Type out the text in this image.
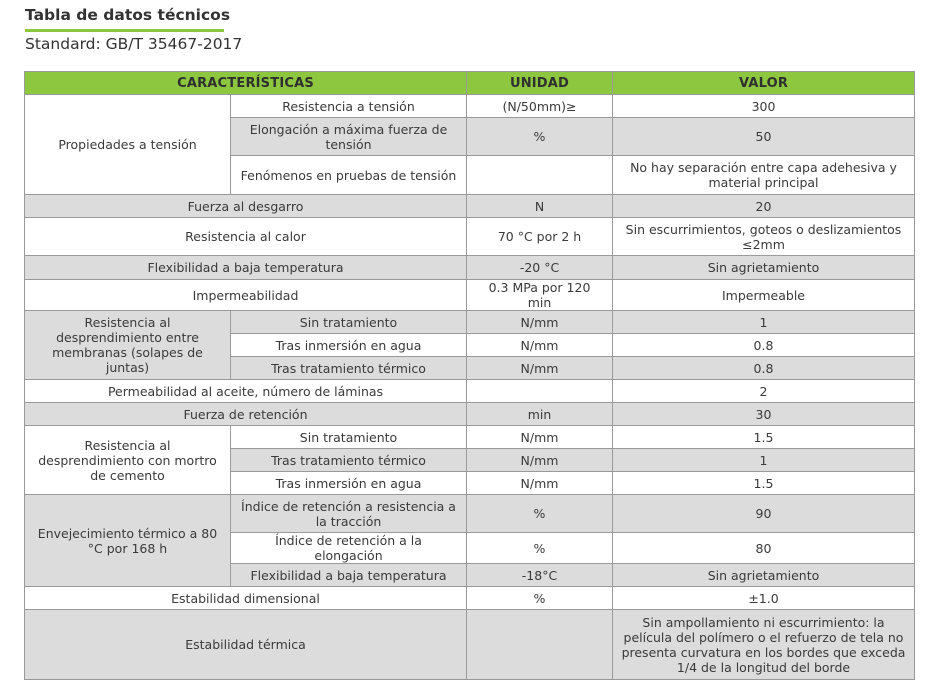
Tabla de datos técnicos
Standard: GB/T 35467-2017
CARACTERÍSTICAS		UNIDAD	VALOR
Propiedades a tensión	Resistencia a tensión	(N/50mm)≥	300
	Elongación a máxima fuerza de tensión	%	50
	Fenómenos en pruebas de tensión		No hay separación entre capa adehesiva y material principal
Fuerza al desgarro		N	20
Resistencia al calor		70 °C por 2 h	Sin escurrimientos, goteos o deslizamientos ≤2mm
Flexibilidad a baja temperatura		-20 °C	Sin agrietamiento
Impermeabilidad		0.3 MPa por 120 min	Impermeable
Resistencia al desprendimiento entre membranas (solapes de juntas)	Sin tratamiento	N/mm	1
	Tras inmersión en agua	N/mm	0.8
	Tras tratamiento térmico	N/mm	0.8
Permeabilidad al aceite, número de láminas			2
Fuerza de retención		min	30
Resistencia al desprendimiento con mortro de cemento	Sin tratamiento	N/mm	1.5
	Tras tratamiento térmico	N/mm	1
	Tras inmersión en agua	N/mm	1.5
Envejecimiento térmico a 80 °C por 168 h	Índice de retención a resistencia a la tracción	%	90
	Índice de retención a la elongación	%	80
	Flexibilidad a baja temperatura	-18°C	Sin agrietamiento
Estabilidad dimensional		%	±1.0
Estabilidad térmica			Sin ampollamiento ni escurrimiento: la película del polímero o el refuerzo de tela no presenta curvatura en los bordes que exceda 1/4 de la longitud del borde
